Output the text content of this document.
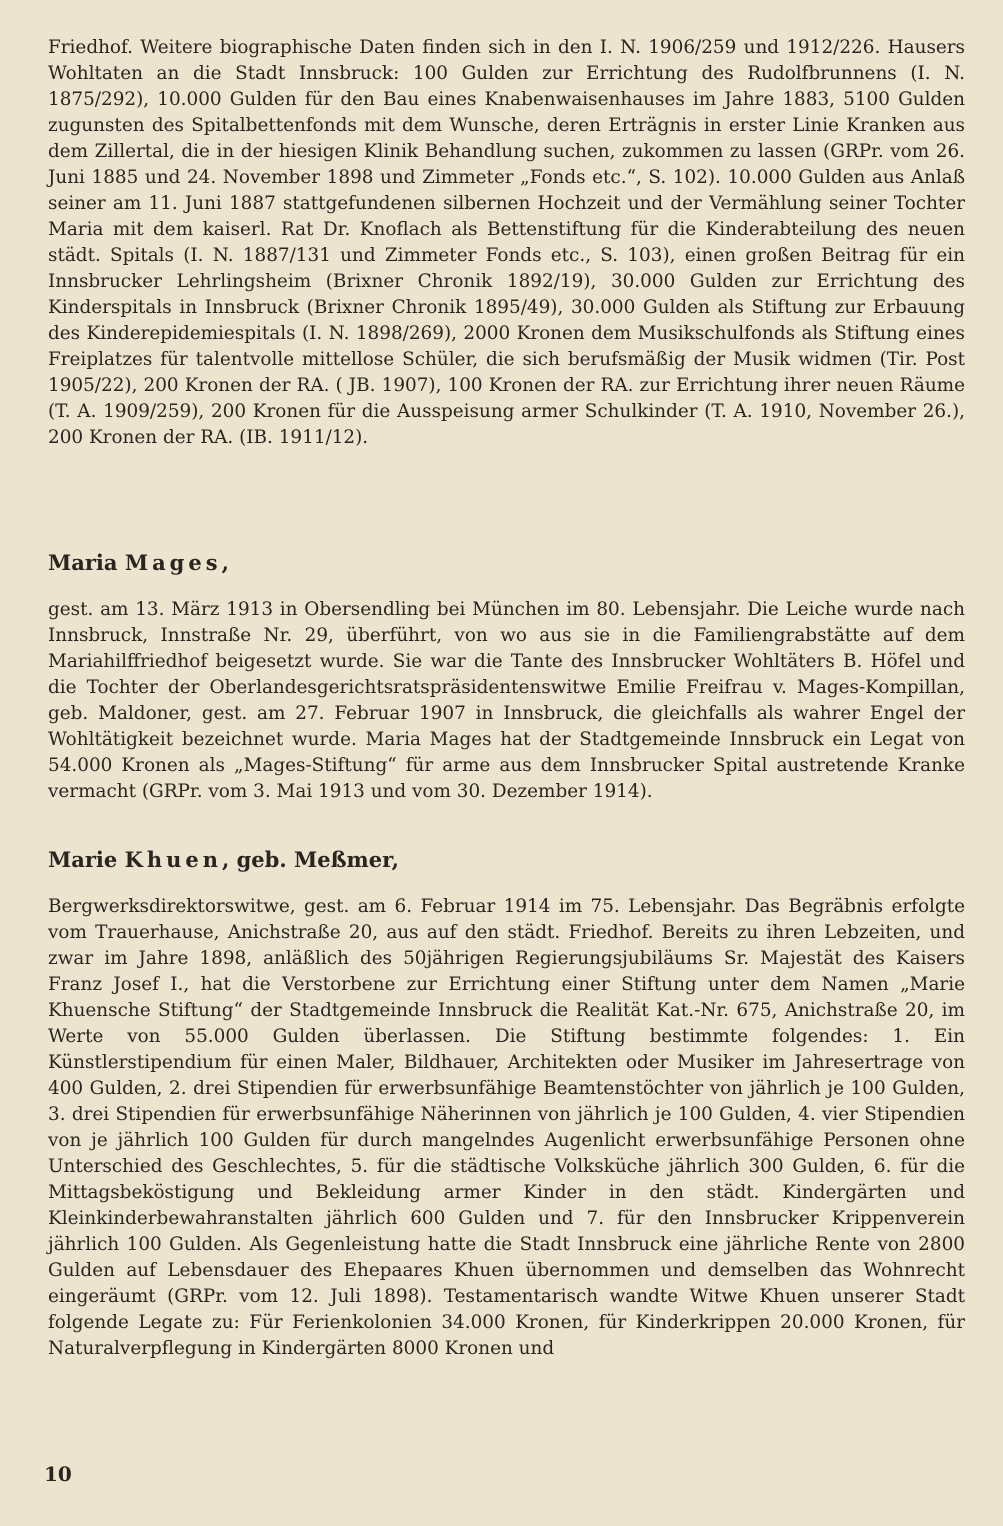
Friedhof. Weitere biographische Daten finden sich in den I. N. 1906/259 und 1912/226. Hausers Wohltaten an die Stadt Innsbruck: 100 Gulden zur Errichtung des Rudolfbrunnens (I. N. 1875/292), 10.000 Gulden für den Bau eines Knabenwaisenhauses im Jahre 1883, 5100 Gulden zugunsten des Spitalbettenfonds mit dem Wunsche, deren Erträgnis in erster Linie Kranken aus dem Zillertal, die in der hiesigen Klinik Behandlung suchen, zukommen zu lassen (GRPr. vom 26. Juni 1885 und 24. November 1898 und Zimmeter „Fonds etc.“, S. 102). 10.000 Gulden aus Anlaß seiner am 11. Juni 1887 stattgefundenen silbernen Hochzeit und der Vermählung seiner Tochter Maria mit dem kaiserl. Rat Dr. Knoflach als Bettenstiftung für die Kinderabteilung des neuen städt. Spitals (I. N. 1887/131 und Zimmeter Fonds etc., S. 103), einen großen Beitrag für ein Innsbrucker Lehrlingsheim (Brixner Chronik 1892/19), 30.000 Gulden zur Errichtung des Kinderspitals in Innsbruck (Brixner Chronik 1895/49), 30.000 Gulden als Stiftung zur Erbauung des Kinderepidemiespitals (I. N. 1898/269), 2000 Kronen dem Musikschulfonds als Stiftung eines Freiplatzes für talentvolle mittellose Schüler, die sich berufsmäßig der Musik widmen (Tir. Post 1905/22), 200 Kronen der RA. ( JB. 1907), 100 Kronen der RA. zur Errichtung ihrer neuen Räume (T. A. 1909/259), 200 Kronen für die Ausspeisung armer Schulkinder (T. A. 1910, November 26.), 200 Kronen der RA. (IB. 1911/12).

Maria Mages,

gest. am 13. März 1913 in Obersendling bei München im 80. Lebensjahr. Die Leiche wurde nach Innsbruck, Innstraße Nr. 29, überführt, von wo aus sie in die Familiengrabstätte auf dem Mariahilffriedhof beigesetzt wurde. Sie war die Tante des Innsbrucker Wohltäters B. Höfel und die Tochter der Oberlandesgerichtsratspräsidentenswitwe Emilie Freifrau v. Mages-Kompillan, geb. Maldoner, gest. am 27. Februar 1907 in Innsbruck, die gleichfalls als wahrer Engel der Wohltätigkeit bezeichnet wurde. Maria Mages hat der Stadtgemeinde Innsbruck ein Legat von 54.000 Kronen als „Mages-Stiftung“ für arme aus dem Innsbrucker Spital austretende Kranke vermacht (GRPr. vom 3. Mai 1913 und vom 30. Dezember 1914).

Marie Khuen, geb. Meßmer,

Bergwerksdirektorswitwe, gest. am 6. Februar 1914 im 75. Lebensjahr. Das Begräbnis erfolgte vom Trauerhause, Anichstraße 20, aus auf den städt. Friedhof. Bereits zu ihren Lebzeiten, und zwar im Jahre 1898, anläßlich des 50jährigen Regierungsjubiläums Sr. Majestät des Kaisers Franz Josef I., hat die Verstorbene zur Errichtung einer Stiftung unter dem Namen „Marie Khuensche Stiftung“ der Stadtgemeinde Innsbruck die Realität Kat.-Nr. 675, Anichstraße 20, im Werte von 55.000 Gulden überlassen. Die Stiftung bestimmte folgendes: 1. Ein Künstlerstipendium für einen Maler, Bildhauer, Architekten oder Musiker im Jahresertrage von 400 Gulden, 2. drei Stipendien für erwerbsunfähige Beamtenstöchter von jährlich je 100 Gulden, 3. drei Stipendien für erwerbsunfähige Näherinnen von jährlich je 100 Gulden, 4. vier Stipendien von je jährlich 100 Gulden für durch mangelndes Augenlicht erwerbsunfähige Personen ohne Unterschied des Geschlechtes, 5. für die städtische Volksküche jährlich 300 Gulden, 6. für die Mittagsbeköstigung und Bekleidung armer Kinder in den städt. Kindergärten und Kleinkinderbewahranstalten jährlich 600 Gulden und 7. für den Innsbrucker Krippenverein jährlich 100 Gulden. Als Gegenleistung hatte die Stadt Innsbruck eine jährliche Rente von 2800 Gulden auf Lebensdauer des Ehepaares Khuen übernommen und demselben das Wohnrecht eingeräumt (GRPr. vom 12. Juli 1898). Testamentarisch wandte Witwe Khuen unserer Stadt folgende Legate zu: Für Ferienkolonien 34.000 Kronen, für Kinderkrippen 20.000 Kronen, für Naturalverpflegung in Kindergärten 8000 Kronen und

10
